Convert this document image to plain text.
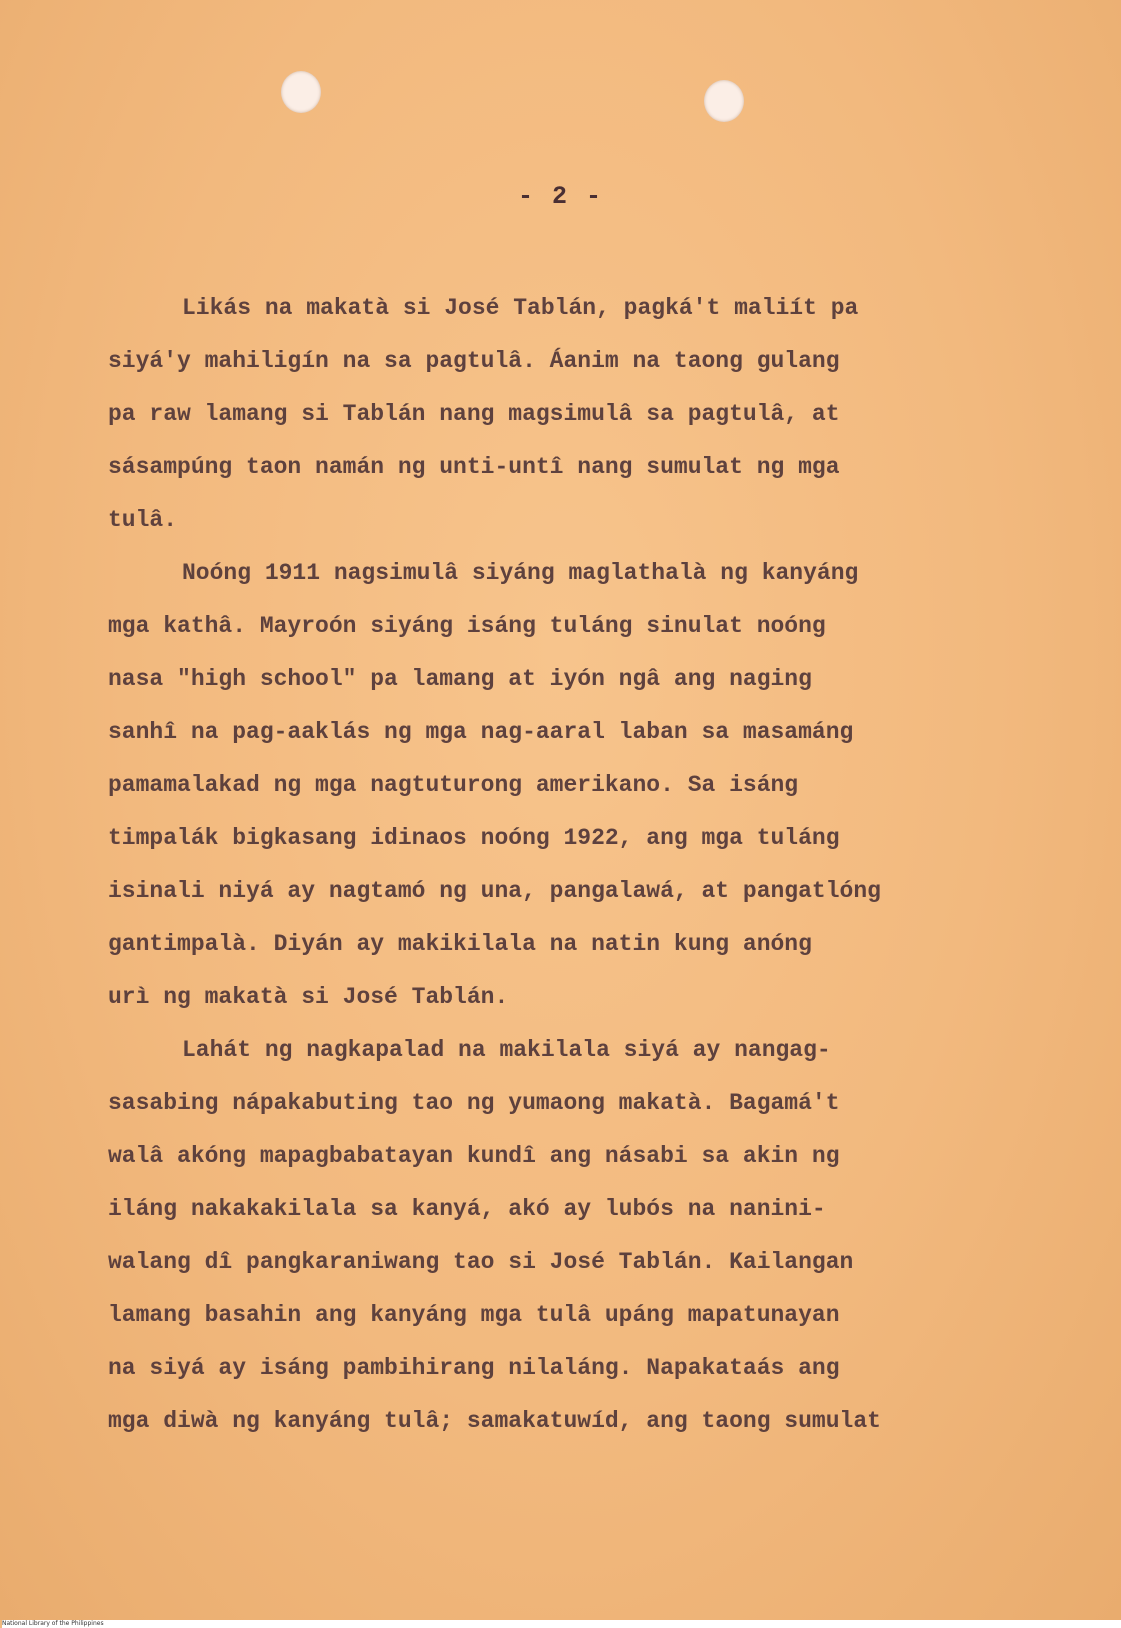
- 2 -
Likás na makatà si José Tablán, pagká't maliít pa
siyá'y mahiligín na sa pagtulâ. Áanim na taong gulang
pa raw lamang si Tablán nang magsimulâ sa pagtulâ, at
sásampúng taon namán ng unti-untî nang sumulat ng mga
tulâ.
Noóng 1911 nagsimulâ siyáng maglathalà ng kanyáng
mga kathâ. Mayroón siyáng isáng tuláng sinulat noóng
nasa "high school" pa lamang at iyón ngâ ang naging
sanhî na pag-aaklás ng mga nag-aaral laban sa masamáng
pamamalakad ng mga nagtuturong amerikano. Sa isáng
timpalák bigkasang idinaos noóng 1922, ang mga tuláng
isinali niyá ay nagtamó ng una, pangalawá, at pangatlóng
gantimpalà. Diyán ay makikilala na natin kung anóng
urì ng makatà si José Tablán.
Lahát ng nagkapalad na makilala siyá ay nangag-
sasabing nápakabuting tao ng yumaong makatà. Bagamá't
walâ akóng mapagbabatayan kundî ang násabi sa akin ng
iláng nakakakilala sa kanyá, akó ay lubós na nanini-
walang dî pangkaraniwang tao si José Tablán. Kailangan
lamang basahin ang kanyáng mga tulâ upáng mapatunayan
na siyá ay isáng pambihirang nilaláng. Napakataás ang
mga diwà ng kanyáng tulâ; samakatuwíd, ang taong sumulat
National Library of the Philippines
